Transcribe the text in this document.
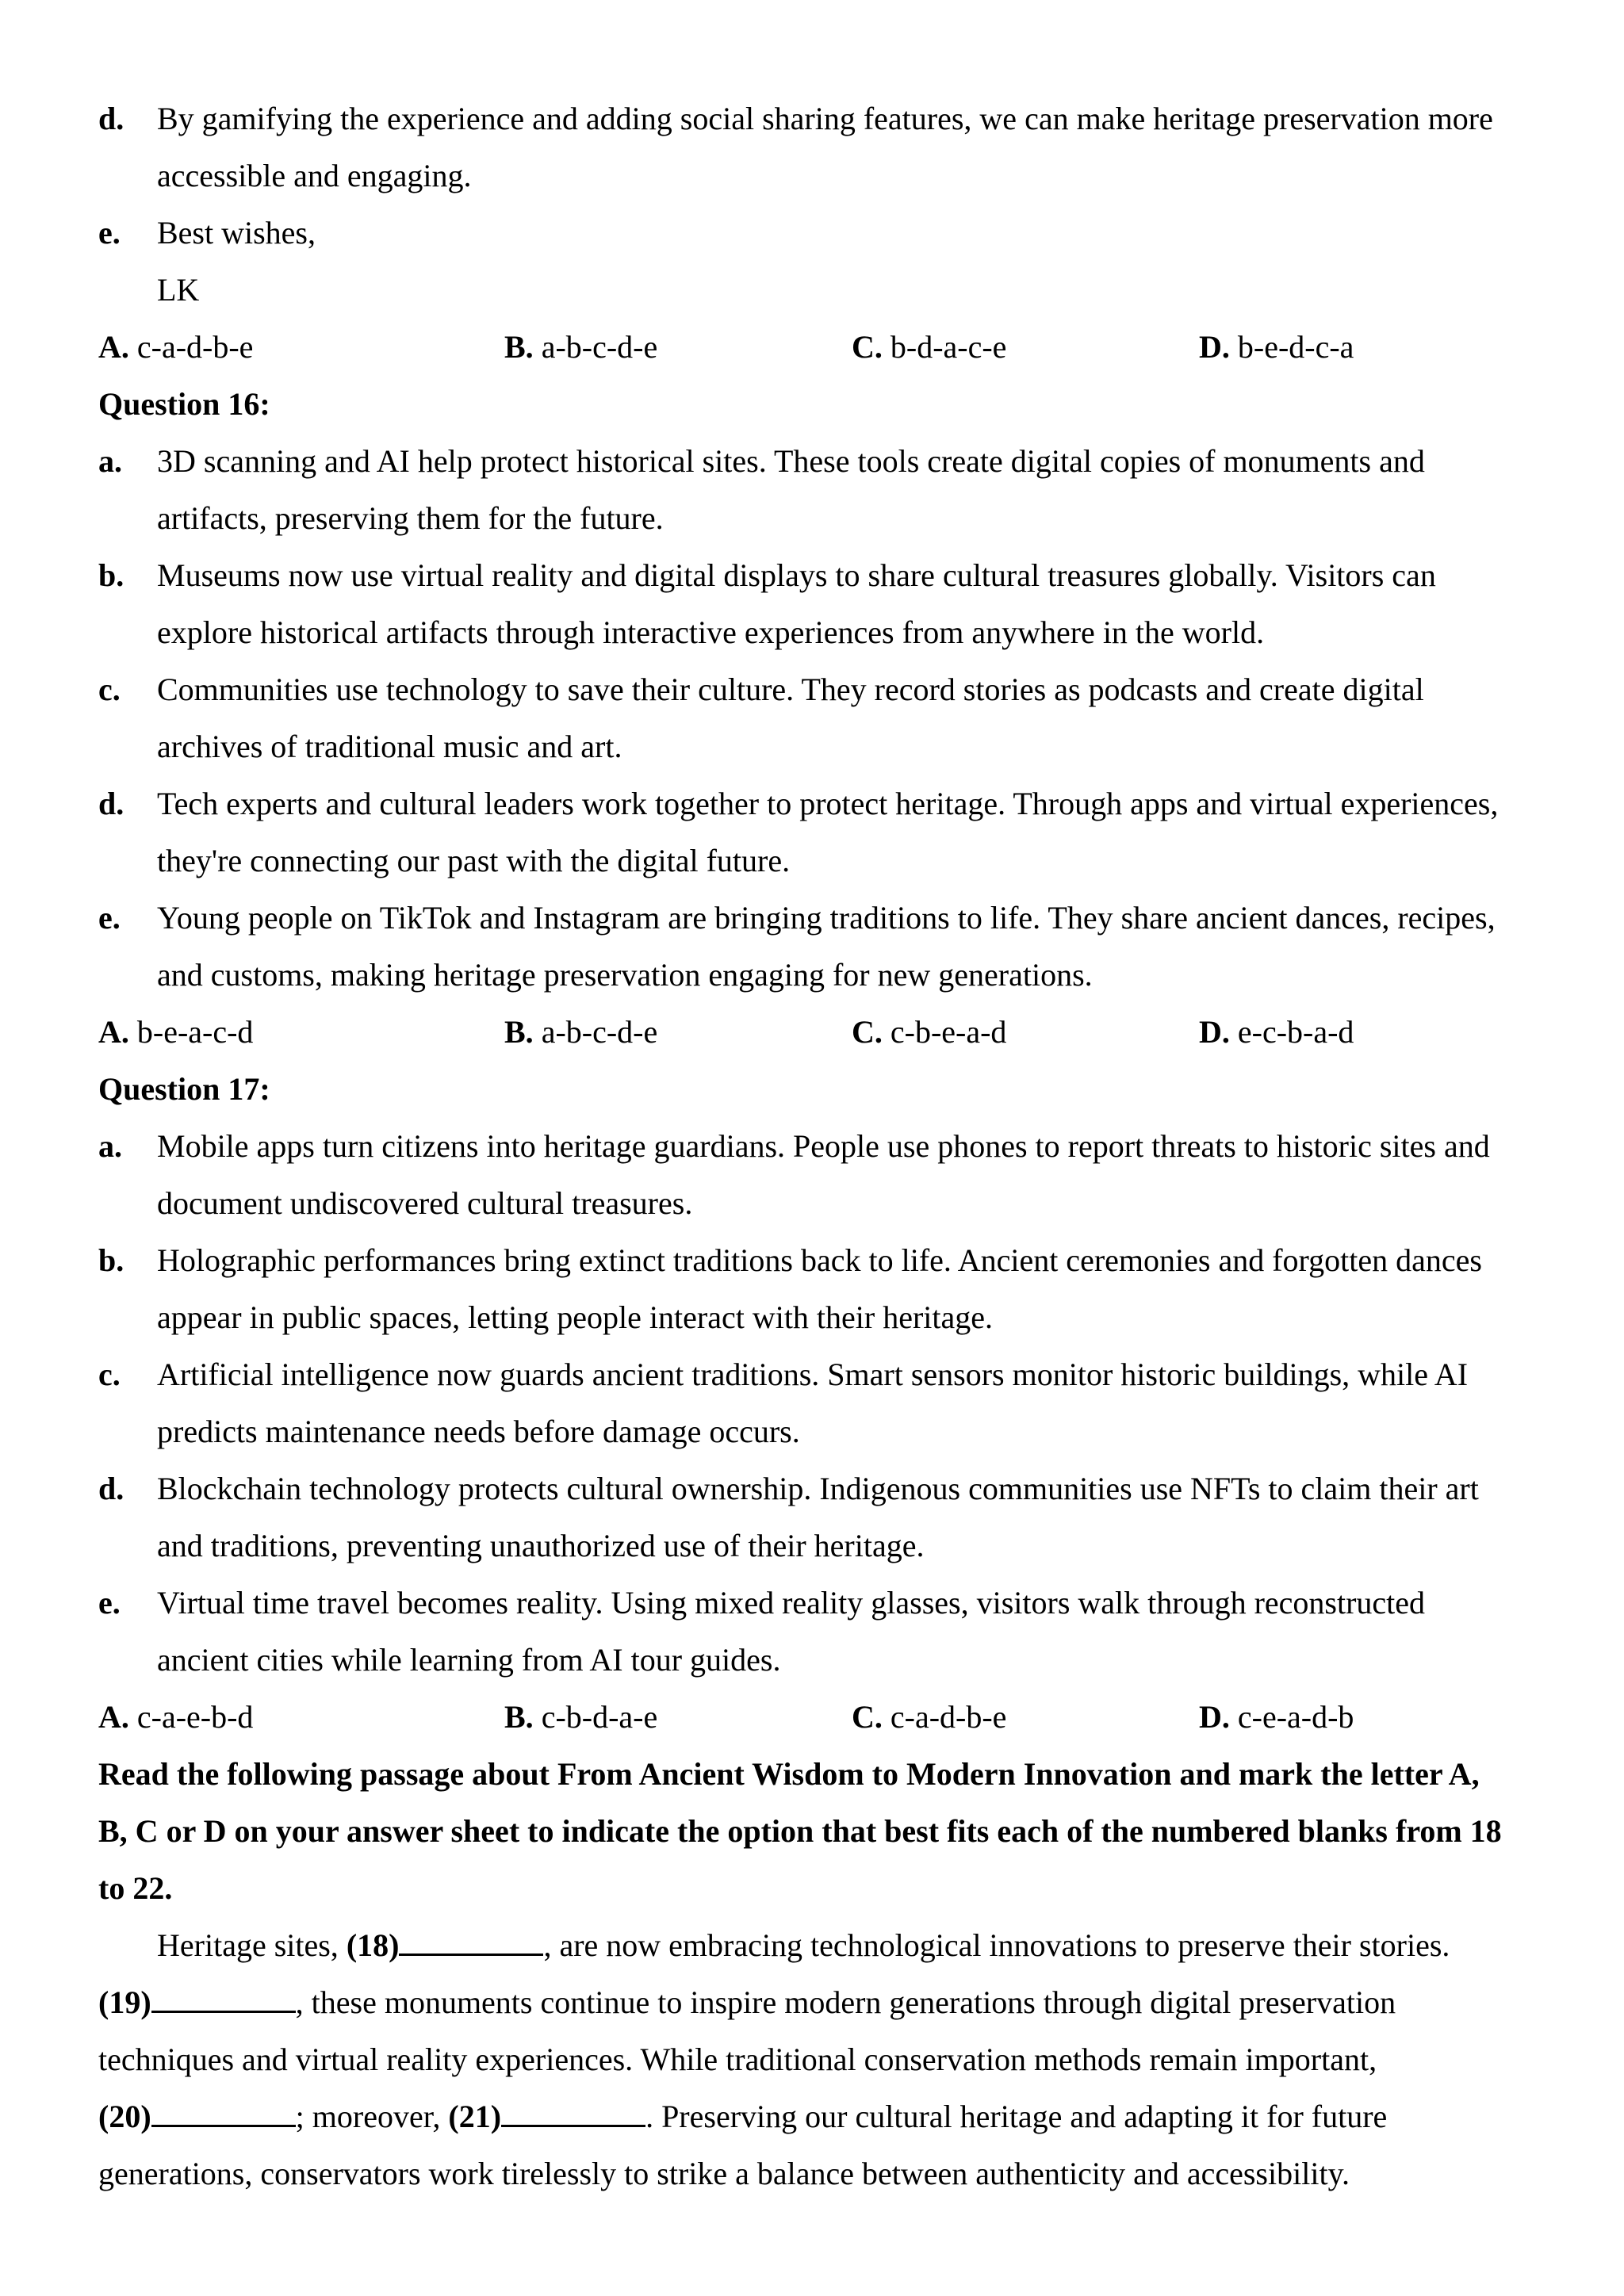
d. By gamifying the experience and adding social sharing features, we can make heritage preservation more
accessible and engaging.
e. Best wishes,
LK
A. c-a-d-b-e	B. a-b-c-d-e	C. b-d-a-c-e	D. b-e-d-c-a
Question 16:
a. 3D scanning and AI help protect historical sites. These tools create digital copies of monuments and
artifacts, preserving them for the future.
b. Museums now use virtual reality and digital displays to share cultural treasures globally. Visitors can
explore historical artifacts through interactive experiences from anywhere in the world.
c. Communities use technology to save their culture. They record stories as podcasts and create digital
archives of traditional music and art.
d. Tech experts and cultural leaders work together to protect heritage. Through apps and virtual experiences,
they're connecting our past with the digital future.
e. Young people on TikTok and Instagram are bringing traditions to life. They share ancient dances, recipes,
and customs, making heritage preservation engaging for new generations.
A. b-e-a-c-d	B. a-b-c-d-e	C. c-b-e-a-d	D. e-c-b-a-d
Question 17:
a. Mobile apps turn citizens into heritage guardians. People use phones to report threats to historic sites and
document undiscovered cultural treasures.
b. Holographic performances bring extinct traditions back to life. Ancient ceremonies and forgotten dances
appear in public spaces, letting people interact with their heritage.
c. Artificial intelligence now guards ancient traditions. Smart sensors monitor historic buildings, while AI
predicts maintenance needs before damage occurs.
d. Blockchain technology protects cultural ownership. Indigenous communities use NFTs to claim their art
and traditions, preventing unauthorized use of their heritage.
e. Virtual time travel becomes reality. Using mixed reality glasses, visitors walk through reconstructed
ancient cities while learning from AI tour guides.
A. c-a-e-b-d	B. c-b-d-a-e	C. c-a-d-b-e	D. c-e-a-d-b
Read the following passage about From Ancient Wisdom to Modern Innovation and mark the letter A,
B, C or D on your answer sheet to indicate the option that best fits each of the numbered blanks from 18
to 22.
Heritage sites, (18)	, are now embracing technological innovations to preserve their stories.
(19)	, these monuments continue to inspire modern generations through digital preservation
techniques and virtual reality experiences. While traditional conservation methods remain important,
(20)	; moreover, (21)	. Preserving our cultural heritage and adapting it for future
generations, conservators work tirelessly to strike a balance between authenticity and accessibility.
